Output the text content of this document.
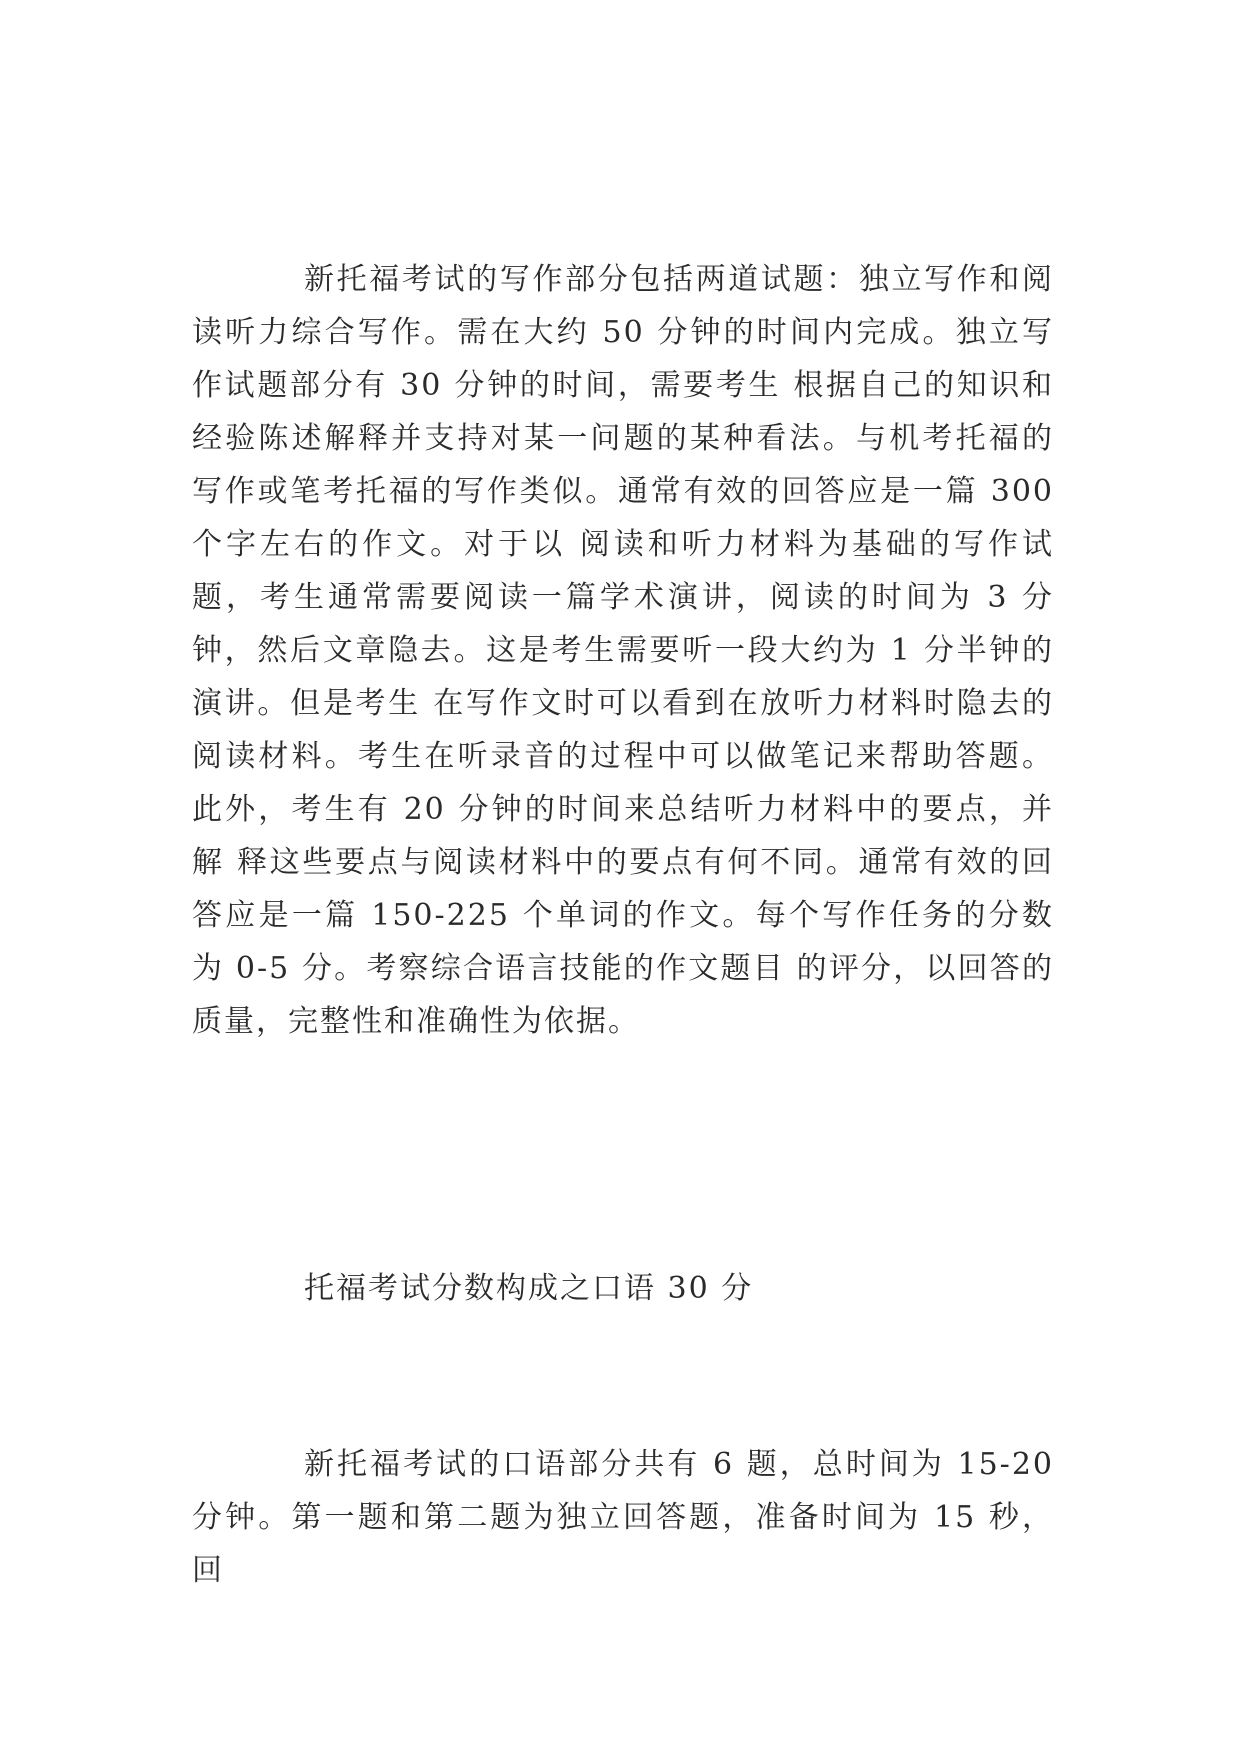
新托福考试的写作部分包括两道试题：独立写作和阅读听力综合写作。需在大约 50 分钟的时间内完成。独立写作试题部分有 30 分钟的时间，需要考生 根据自己的知识和经验陈述解释并支持对某一问题的某种看法。与机考托福的写作或笔考托福的写作类似。通常有效的回答应是一篇 300 个字左右的作文。对于以 阅读和听力材料为基础的写作试题，考生通常需要阅读一篇学术演讲，阅读的时间为 3 分钟，然后文章隐去。这是考生需要听一段大约为 1 分半钟的演讲。但是考生 在写作文时可以看到在放听力材料时隐去的阅读材料。考生在听录音的过程中可以做笔记来帮助答题。此外，考生有 20 分钟的时间来总结听力材料中的要点，并解 释这些要点与阅读材料中的要点有何不同。通常有效的回答应是一篇 150-225 个单词的作文。每个写作任务的分数为 0-5 分。考察综合语言技能的作文题目 的评分，以回答的质量，完整性和准确性为依据。

托福考试分数构成之口语 30 分

新托福考试的口语部分共有 6 题，总时间为 15-20 分钟。第一题和第二题为独立回答题，准备时间为 15 秒，回
